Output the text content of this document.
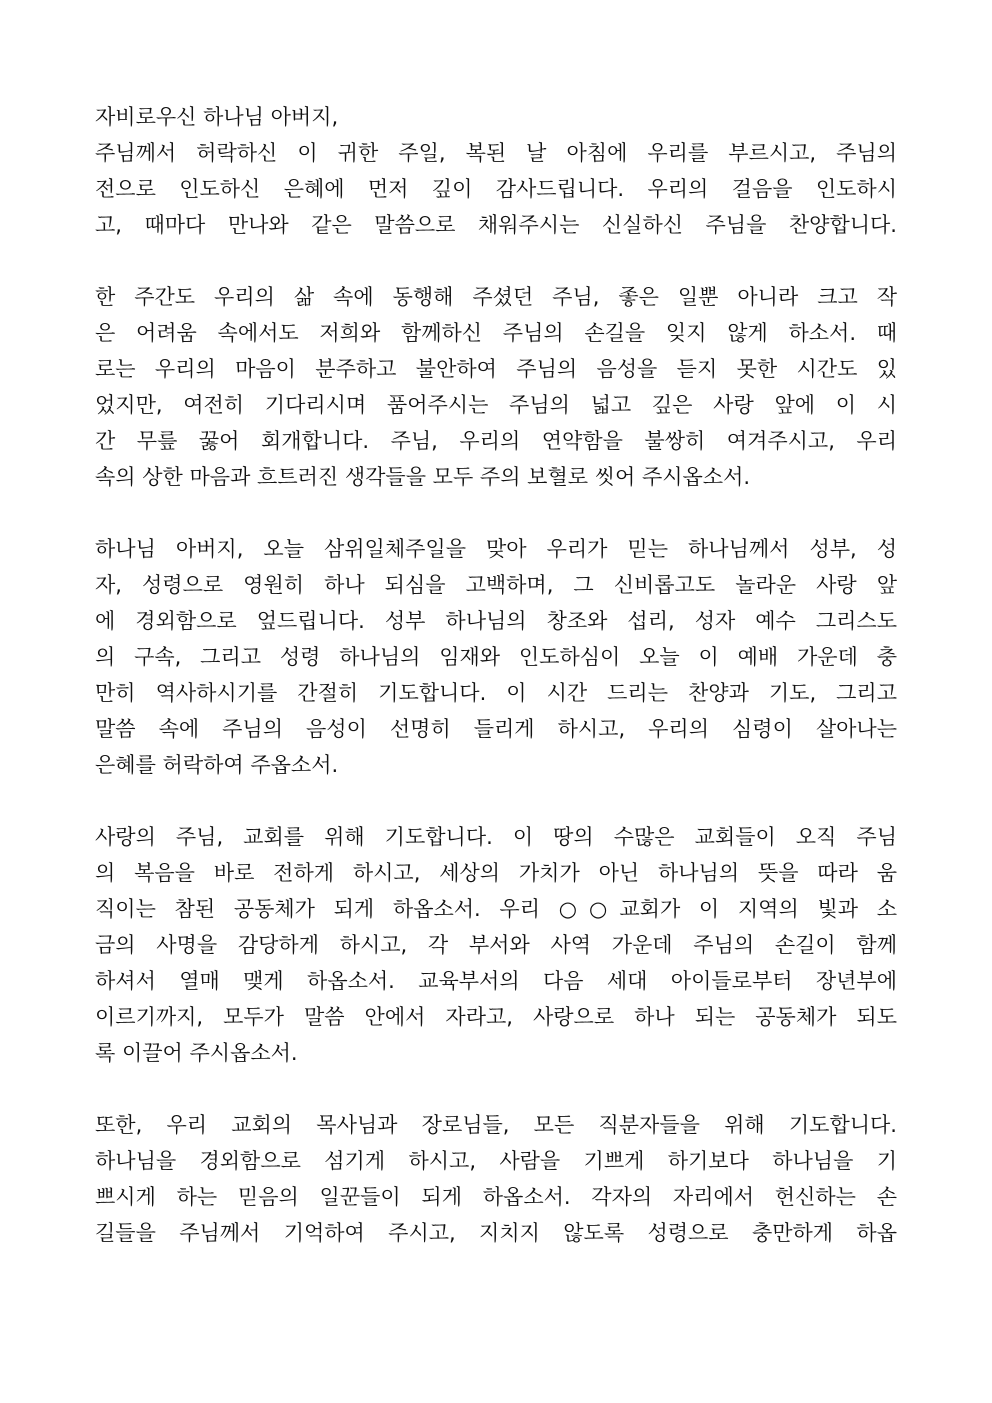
자비로우신 하나님 아버지,
주님께서 허락하신 이 귀한 주일, 복된 날 아침에 우리를 부르시고, 주님의
전으로 인도하신 은혜에 먼저 깊이 감사드립니다. 우리의 걸음을 인도하시
고, 때마다 만나와 같은 말씀으로 채워주시는 신실하신 주님을 찬양합니다.
한 주간도 우리의 삶 속에 동행해 주셨던 주님, 좋은 일뿐 아니라 크고 작
은 어려움 속에서도 저희와 함께하신 주님의 손길을 잊지 않게 하소서. 때
로는 우리의 마음이 분주하고 불안하여 주님의 음성을 듣지 못한 시간도 있
었지만, 여전히 기다리시며 품어주시는 주님의 넓고 깊은 사랑 앞에 이 시
간 무릎 꿇어 회개합니다. 주님, 우리의 연약함을 불쌍히 여겨주시고, 우리
속의 상한 마음과 흐트러진 생각들을 모두 주의 보혈로 씻어 주시옵소서.
하나님 아버지, 오늘 삼위일체주일을 맞아 우리가 믿는 하나님께서 성부, 성
자, 성령으로 영원히 하나 되심을 고백하며, 그 신비롭고도 놀라운 사랑 앞
에 경외함으로 엎드립니다. 성부 하나님의 창조와 섭리, 성자 예수 그리스도
의 구속, 그리고 성령 하나님의 임재와 인도하심이 오늘 이 예배 가운데 충
만히 역사하시기를 간절히 기도합니다. 이 시간 드리는 찬양과 기도, 그리고
말씀 속에 주님의 음성이 선명히 들리게 하시고, 우리의 심령이 살아나는
은혜를 허락하여 주옵소서.
사랑의 주님, 교회를 위해 기도합니다. 이 땅의 수많은 교회들이 오직 주님
의 복음을 바로 전하게 하시고, 세상의 가치가 아닌 하나님의 뜻을 따라 움
직이는 참된 공동체가 되게 하옵소서. 우리 ○○교회가 이 지역의 빛과 소
금의 사명을 감당하게 하시고, 각 부서와 사역 가운데 주님의 손길이 함께
하셔서 열매 맺게 하옵소서. 교육부서의 다음 세대 아이들로부터 장년부에
이르기까지, 모두가 말씀 안에서 자라고, 사랑으로 하나 되는 공동체가 되도
록 이끌어 주시옵소서.
또한, 우리 교회의 목사님과 장로님들, 모든 직분자들을 위해 기도합니다.
하나님을 경외함으로 섬기게 하시고, 사람을 기쁘게 하기보다 하나님을 기
쁘시게 하는 믿음의 일꾼들이 되게 하옵소서. 각자의 자리에서 헌신하는 손
길들을 주님께서 기억하여 주시고, 지치지 않도록 성령으로 충만하게 하옵
